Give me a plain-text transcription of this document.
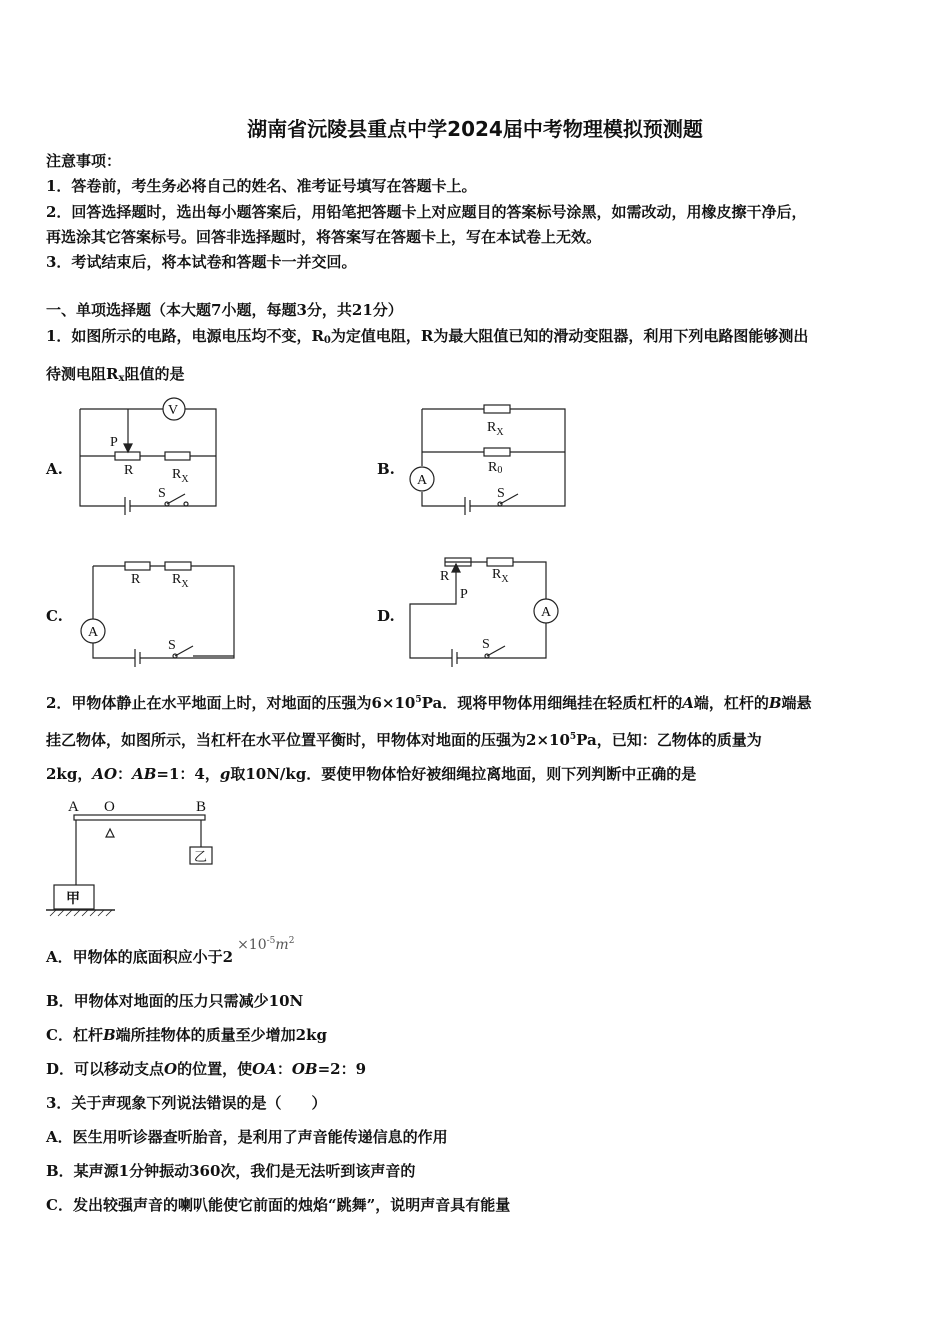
湖南省沅陵县重点中学2024届中考物理模拟预测题
注意事项：
1．答卷前，考生务必将自己的姓名、准考证号填写在答题卡上。
2．回答选择题时，选出每小题答案后，用铅笔把答题卡上对应题目的答案标号涂黑，如需改动，用橡皮擦干净后，
再选涂其它答案标号。回答非选择题时，将答案写在答题卡上，写在本试卷上无效。
3．考试结束后，将本试卷和答题卡一并交回。
一、单项选择题（本大题7小题，每题3分，共21分）
1．如图所示的电路，电源电压均不变，$R_0$为定值电阻，R为最大阻值已知的滑动变阻器，利用下列电路图能够测出
待测电阻$R_x$阻值的是
V
P
R	$R_X$
S
$R_X$
R0
A
S
R $R_X$
A
S
R	$R_X$
P
A
S
A.	B.
C.	D.
2．甲物体静止在水平地面上时，对地面的压强为$6\times 10^5Pa$．现将甲物体用细绳挂在轻质杠杆的A端，杠杆的B端悬
挂乙物体，如图所示，当杠杆在水平位置平衡时，甲物体对地面的压强为$2\times 10^5Pa$，已知：乙物体的质量为
2kg，AO：AB=1：4，g取10N/kg．要使甲物体恰好被细绳拉离地面，则下列判断中正确的是
A O	B
乙
甲
A．甲物体的底面积应小于$2\times 10^{-5}m^2$
B．甲物体对地面的压力只需减少10N
C．杠杆B端所挂物体的质量至少增加2kg
D．可以移动支点O的位置，使OA：OB=2：9
3．关于声现象下列说法错误的是（　　）
A．医生用听诊器查听胎音，是利用了声音能传递信息的作用
B．某声源1分钟振动360次，我们是无法听到该声音的
C．发出较强声音的喇叭能使它前面的烛焰“跳舞”，说明声音具有能量
